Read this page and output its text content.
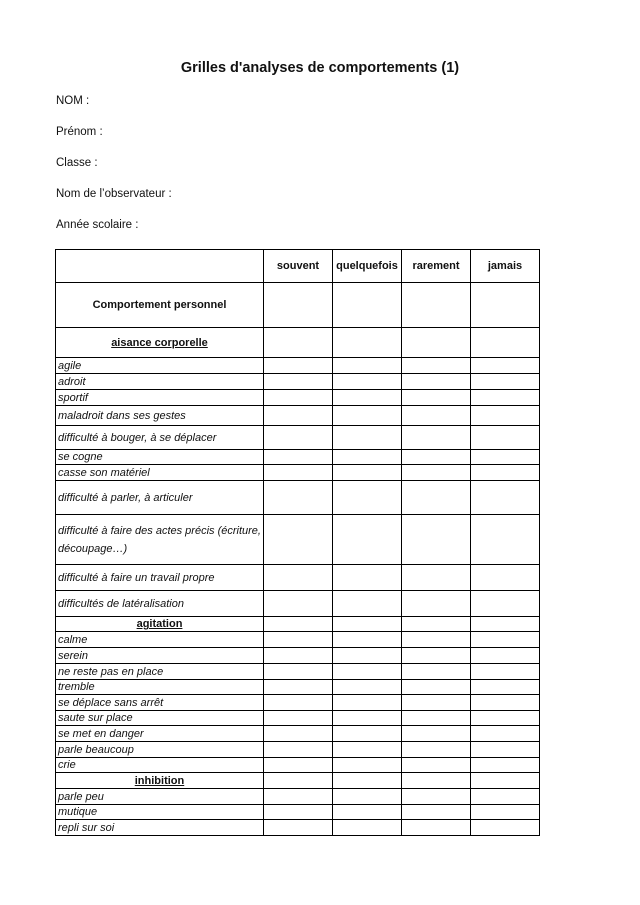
Grilles d'analyses de comportements (1)
NOM :
Prénom :
Classe :
Nom de l’observateur :
Année scolaire :
	souvent	quelquefois	rarement	jamais
Comportement personnel				
aisance corporelle				
agile				
adroit				
sportif				
maladroit dans ses gestes				
difficulté à bouger, à se déplacer				
se cogne				
casse son matériel				
difficulté à parler, à articuler				
difficulté à faire des actes précis (écriture, découpage…)				
difficulté à faire un travail propre				
difficultés de latéralisation				
agitation				
calme				
serein				
ne reste pas en place				
tremble				
se déplace sans arrêt				
saute sur place				
se met en danger				
parle beaucoup				
crie				
inhibition				
parle peu				
mutique				
repli sur soi				
